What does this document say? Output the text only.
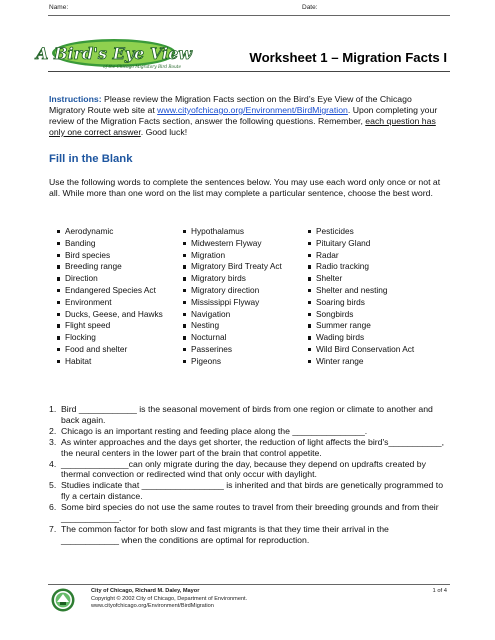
Name:	Date:
A Bird's Eye View
of the Chicago Migratory Bird Route
Worksheet 1 – Migration Facts I
Instructions: Please review the Migration Facts section on the Bird’s Eye View of the Chicago Migratory Route web site at www.cityofchicago.org/Environment/BirdMigration. Upon completing your review of the Migration Facts section, answer the following questions. Remember, each question has only one correct answer. Good luck!
Fill in the Blank
Use the following words to complete the sentences below. You may use each word only once or not at all. While more than one word on the list may complete a particular sentence, choose the best word.
Aerodynamic
Banding
Bird species
Breeding range
Direction
Endangered Species Act
Environment
Ducks, Geese, and Hawks
Flight speed
Flocking
Food and shelter
Habitat
Hypothalamus
Midwestern Flyway
Migration
Migratory Bird Treaty Act
Migratory birds
Migratory direction
Mississippi Flyway
Navigation
Nesting
Nocturnal
Passerines
Pigeons
Pesticides
Pituitary Gland
Radar
Radio tracking
Shelter
Shelter and nesting
Soaring birds
Songbirds
Summer range
Wading birds
Wild Bird Conservation Act
Winter range
1. Bird ____________ is the seasonal movement of birds from one region or climate to another and back again.
2. Chicago is an important resting and feeding place along the _______________.
3. As winter approaches and the days get shorter, the reduction of light affects the bird's___________, the neural centers in the lower part of the brain that control appetite.
4. ______________can only migrate during the day, because they depend on updrafts created by thermal convection or redirected wind that only occur with daylight.
5. Studies indicate that _________________ is inherited and that birds are genetically programmed to fly a certain distance.
6. Some bird species do not use the same routes to travel from their breeding grounds and from their ____________.
7. The common factor for both slow and fast migrants is that they time their arrival in the ____________ when the conditions are optimal for reproduction.
City of Chicago, Richard M. Daley, Mayor
Copyright © 2002 City of Chicago, Department of Environment.
www.cityofchicago.org/Environment/BirdMigration
1 of 4
